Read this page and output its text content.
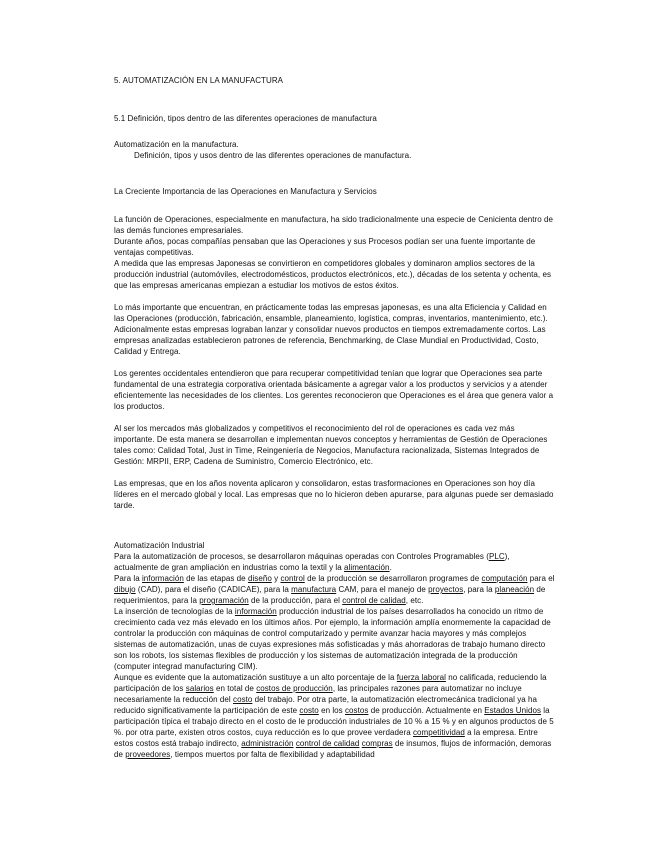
5. AUTOMATIZACIÓN EN LA MANUFACTURA
5.1 Definición, tipos dentro de las diferentes operaciones de manufactura
Automatización en la manufactura.
Definición, tipos y usos dentro de las diferentes operaciones de manufactura.
La Creciente Importancia de las Operaciones en Manufactura y Servicios

La función de Operaciones, especialmente en manufactura, ha sido tradicionalmente una especie de Cenicienta dentro de las demás funciones empresariales.

Durante años, pocas compañías pensaban que las Operaciones y sus Procesos podían ser una fuente importante de ventajas competitivas.

A medida que las empresas Japonesas se convirtieron en competidores globales y dominaron amplios sectores de la producción industrial (automóviles, electrodomésticos, productos electrónicos, etc.), décadas de los setenta y ochenta, es que las empresas americanas empiezan a estudiar los motivos de estos éxitos.

Lo más importante que encuentran, en prácticamente todas las empresas japonesas, es una alta Eficiencia y Calidad en las Operaciones (producción, fabricación, ensamble, planeamiento, logística, compras, inventarios, mantenimiento, etc.).

Adicionalmente estas empresas lograban lanzar y consolidar nuevos productos en tiempos extremadamente cortos. Las empresas analizadas establecieron patrones de referencia, Benchmarking, de Clase Mundial en Productividad, Costo, Calidad y Entrega.

Los gerentes occidentales entendieron que para recuperar competitividad tenían que lograr que Operaciones sea parte fundamental de una estrategia corporativa orientada básicamente a agregar valor a los productos y servicios y a atender eficientemente las necesidades de los clientes. Los gerentes reconocieron que Operaciones es el área que genera valor a los productos.

Al ser los mercados más globalizados y competitivos el reconocimiento del rol de operaciones es cada vez más importante. De esta manera se desarrollan e implementan nuevos conceptos y herramientas de Gestión de Operaciones tales como: Calidad Total, Just in Time, Reingeniería de Negocios, Manufactura racionalizada, Sistemas Integrados de Gestión: MRPII, ERP, Cadena de Suministro, Comercio Electrónico, etc.

Las empresas, que en los años noventa aplicaron y consolidaron, estas trasformaciones en Operaciones son hoy día líderes en el mercado global y local. Las empresas que no lo hicieron deben apurarse, para algunas puede ser demasiado tarde.

Automatización Industrial

Para la automatización de procesos, se desarrollaron máquinas operadas con Controles Programables (PLC), actualmente de gran ampliación en industrias como la textil y la alimentación.

Para la información de las etapas de diseño y control de la producción se desarrollaron programes de computación para el dibujo (CAD), para el diseño (CADICAE), para la manufactura CAM, para el manejo de proyectos, para la planeación de requerimientos, para la programación de la producción, para el control de calidad, etc.

La inserción de tecnologías de la información producción industrial de los países desarrollados ha conocido un ritmo de crecimiento cada vez más elevado en los últimos años. Por ejemplo, la información amplía enormemente la capacidad de controlar la producción con máquinas de control computarizado y permite avanzar hacia mayores y más complejos sistemas de automatización, unas de cuyas expresiones más sofisticadas y más ahorradoras de trabajo humano directo son los robots, los sistemas flexibles de producción y los sistemas de automatización integrada de la producción (computer integrad manufacturing CIM).

Aunque es evidente que la automatización sustituye a un alto porcentaje de la fuerza laboral no calificada, reduciendo la participación de los salarios en total de costos de producción, las principales razones para automatizar no incluye necesariamente la reducción del costo del trabajo. Por otra parte, la automatización electromecánica tradicional ya ha reducido significativamente la participación de este costo en los costos de producción. Actualmente en Estados Unidos la participación típica el trabajo directo en el costo de le producción industriales de 10 % a 15 % y en algunos productos de 5 %. por otra parte, existen otros costos, cuya reducción es lo que provee verdadera competitividad a la empresa. Entre estos costos está trabajo indirecto, administración control de calidad compras de insumos, flujos de información, demoras de proveedores, tiempos muertos por falta de flexibilidad y adaptabilidad
